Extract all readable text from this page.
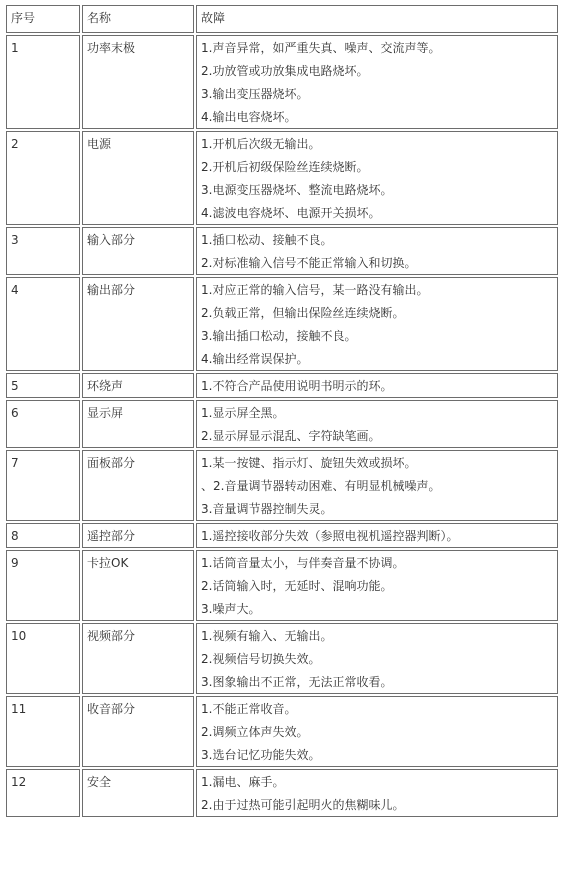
序号	名称	故障
1	功率末极	1.声音异常，如严重失真、噪声、交流声等。
2.功放管或功放集成电路烧坏。
3.输出变压器烧坏。
4.输出电容烧坏。

2	电源	1.开机后次级无输出。
2.开机后初级保险丝连续烧断。
3.电源变压器烧坏、整流电路烧坏。
4.滤波电容烧坏、电源开关损坏。

3	输入部分	1.插口松动、接触不良。
2.对标准输入信号不能正常输入和切换。

4	输出部分	1.对应正常的输入信号，某一路没有输出。
2.负载正常，但输出保险丝连续烧断。
3.输出插口松动，接触不良。
4.输出经常误保护。

5	环绕声	1.不符合产品使用说明书明示的环。

6	显示屏	1.显示屏全黑。
2.显示屏显示混乱、字符缺笔画。

7	面板部分	1.某一按键、指示灯、旋钮失效或损坏。
、2.音量调节器转动困难、有明显机械噪声。
3.音量调节器控制失灵。

8	遥控部分	1.遥控接收部分失效（参照电视机遥控器判断）。

9	卡拉OK	1.话筒音量太小，与伴奏音量不协调。
2.话筒输入时，无延时、混响功能。
3.噪声大。

10	视频部分	1.视频有输入、无输出。
2.视频信号切换失效。
3.图象输出不正常，无法正常收看。

11	收音部分	1.不能正常收音。
2.调频立体声失效。
3.选台记忆功能失效。

12	安全	1.漏电、麻手。
2.由于过热可能引起明火的焦糊味儿。
